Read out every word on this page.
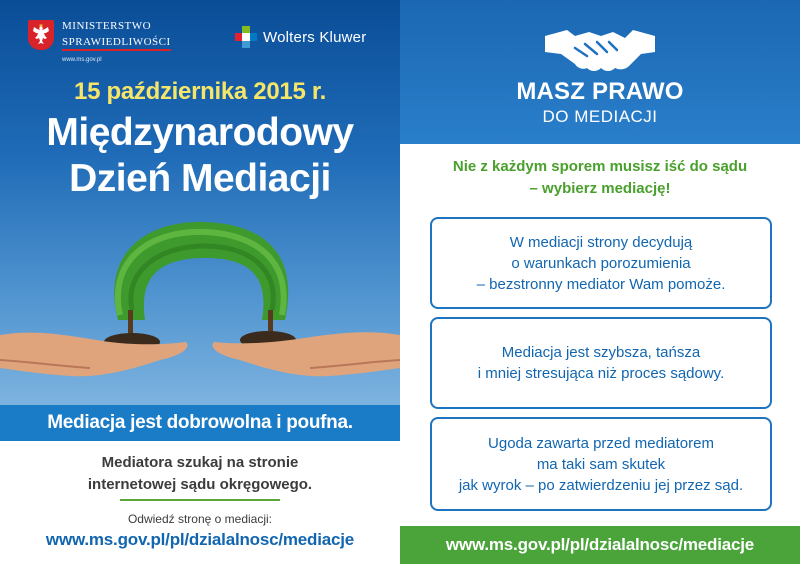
MINISTERSTWO
SPRAWIEDLIWOŚCI
www.ms.gov.pl
Wolters Kluwer
15 października 2015 r.
Międzynarodowy
Dzień Mediacji
Mediacja jest dobrowolna i poufna.
Mediatora szukaj na stronie
internetowej sądu okręgowego.
Odwiedź stronę o mediacji:
www.ms.gov.pl/pl/dzialalnosc/mediacje
MASZ PRAWO
DO MEDIACJI
Nie z każdym sporem musisz iść do sądu
– wybierz mediację!
W mediacji strony decydują
o warunkach porozumienia
– bezstronny mediator Wam pomoże.
Mediacja jest szybsza, tańsza
i mniej stresująca niż proces sądowy.
Ugoda zawarta przed mediatorem
ma taki sam skutek
jak wyrok – po zatwierdzeniu jej przez sąd.
www.ms.gov.pl/pl/dzialalnosc/mediacje
